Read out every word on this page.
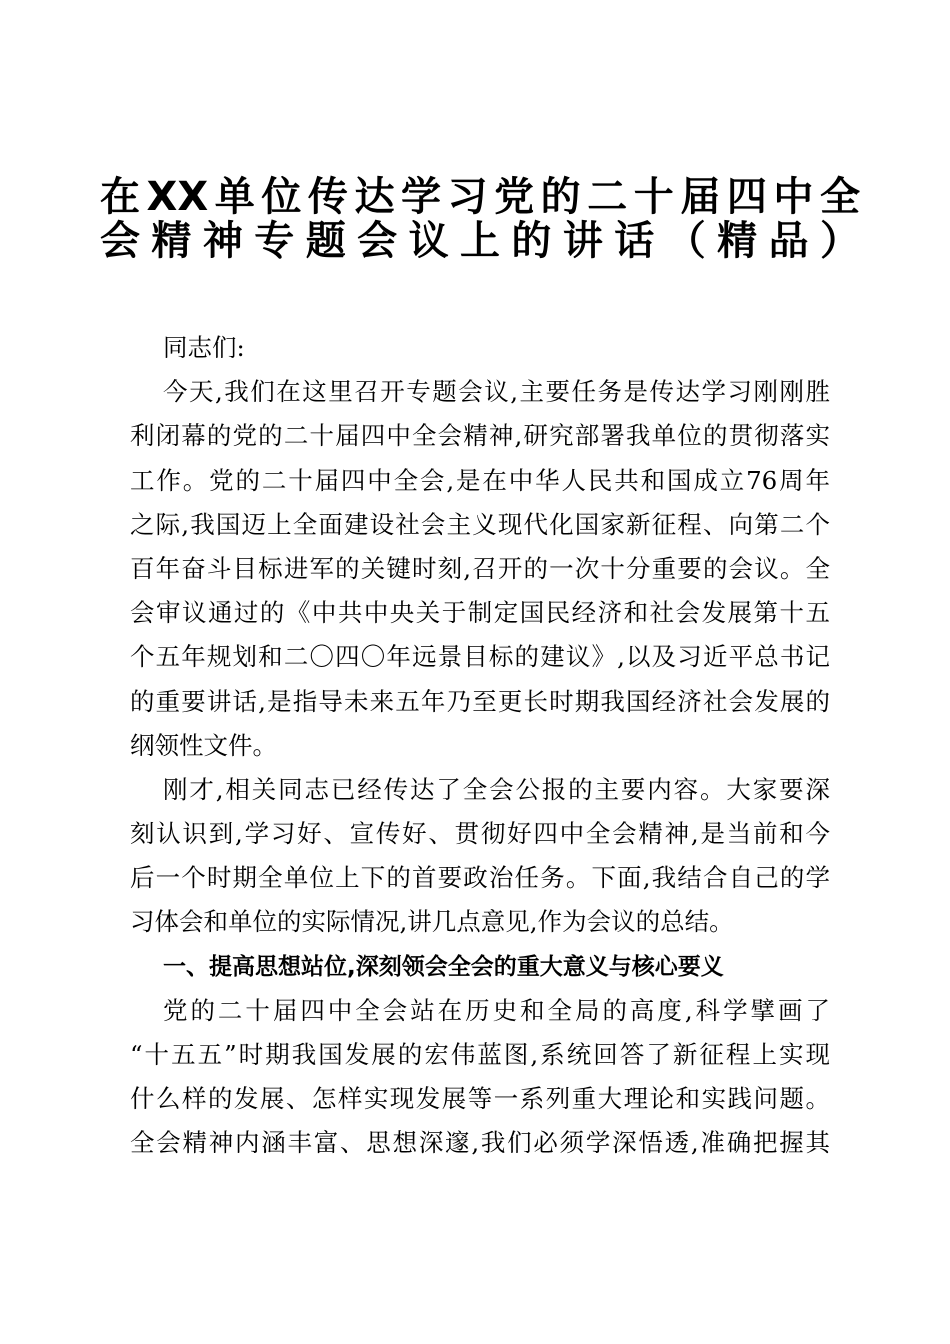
在XX单位传达学习党的二十届四中全
会精神专题会议上的讲话（精品）
同志们:
今天,我们在这里召开专题会议,主要任务是传达学习刚刚胜
利闭幕的党的二十届四中全会精神,研究部署我单位的贯彻落实
工作。党的二十届四中全会,是在中华人民共和国成立76周年
之际,我国迈上全面建设社会主义现代化国家新征程、向第二个
百年奋斗目标进军的关键时刻,召开的一次十分重要的会议。全
会审议通过的《中共中央关于制定国民经济和社会发展第十五
个五年规划和二〇四〇年远景目标的建议》,以及习近平总书记
的重要讲话,是指导未来五年乃至更长时期我国经济社会发展的
纲领性文件。
刚才,相关同志已经传达了全会公报的主要内容。大家要深
刻认识到,学习好、宣传好、贯彻好四中全会精神,是当前和今
后一个时期全单位上下的首要政治任务。下面,我结合自己的学
习体会和单位的实际情况,讲几点意见,作为会议的总结。
一、提高思想站位,深刻领会全会的重大意义与核心要义
党的二十届四中全会站在历史和全局的高度,科学擘画了
“十五五”时期我国发展的宏伟蓝图,系统回答了新征程上实现
什么样的发展、怎样实现发展等一系列重大理论和实践问题。
全会精神内涵丰富、思想深邃,我们必须学深悟透,准确把握其
